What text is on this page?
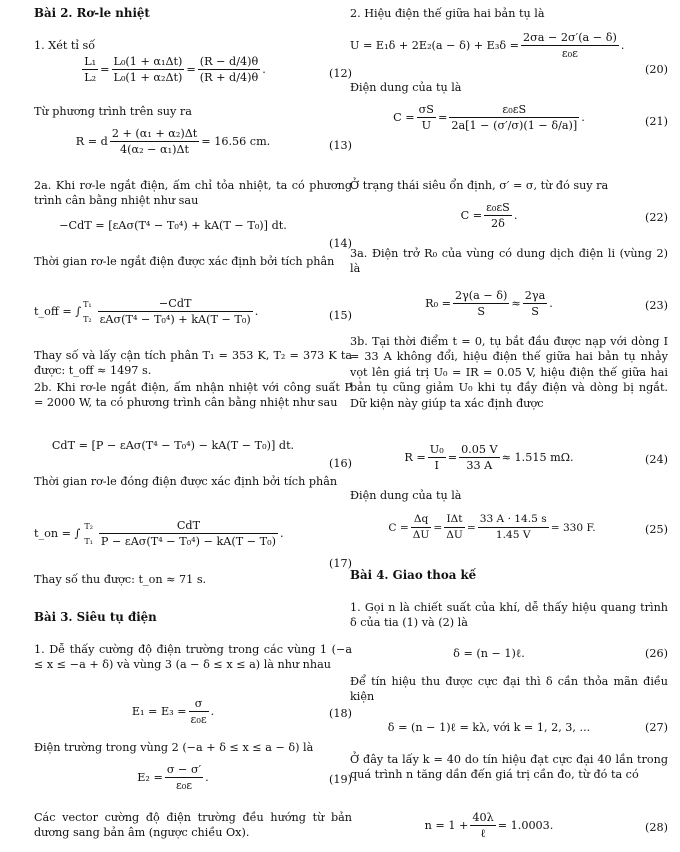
Bài 2. Rơ-le nhiệt
1. Xét tỉ số
$\frac{\text{L₁}}{\text{L₂}} = \frac{\text{L₀(1 + α₁Δt)}}{\text{L₀(1 + α₂Δt)}} = \frac{(R - d/4)\theta}{(R + d/4)\theta}$ .	(12)
Từ phương trình trên suy ra
R = d $\frac{\text{2 + (α₁ + α₂)Δt}}{\text{4(α₂ − α₁)Δt}} = 16.56$ cm.	(13)
2a. Khi rơ-le ngắt điện, ấm chỉ tỏa nhiệt, ta có phương trình cân bằng nhiệt như sau
−CdT = [εAσ(T⁴ − T₀⁴) + kA(T − T₀)] dt.
(14)
Thời gian rơ-le ngắt điện được xác định bởi tích phân
t_off = ∫
T₁
$T_2 \frac{\text{−CdT}}{\text{εAσ(T⁴ − T₀⁴) + kA(T − T₀)}}$ .	(15)
Thay số và lấy cận tích phân T₁ = 353 K, T₂ = 373 K ta được: t_off ≈ 1497 s.
2b. Khi rơ-le ngắt điện, ấm nhận nhiệt với công suất P = 2000 W, ta có phương trình cân bằng nhiệt như sau
CdT = [P − εAσ(T⁴ − T₀⁴) − kA(T − T₀)] dt.
(16)
Thời gian rơ-le đóng điện được xác định bởi tích phân
t_on = ∫
T₂
$T_1 \frac{\text{CdT}}{\text{P − εAσ(T⁴ − T₀⁴) − kA(T − T₀)}}$ .
(17)
Thay số thu được: t_on ≈ 71 s.
Bài 3. Siêu tụ điện
1. Dễ thấy cường độ điện trường trong các vùng 1 (−a ≤ x ≤ −a + δ) và vùng 3 (a − δ ≤ x ≤ a) là như nhau
$E_1 = E_3 = \frac{\sigma}{\text{ε₀ε}}$ .	(18)
Điện trường trong vùng 2 (−a + δ ≤ x ≤ a − δ) là
$E_2 = \frac{\sigma - \sigma'}{\text{ε₀ε}}$ .	(19)
Các vector cường độ điện trường đều hướng từ bản dương sang bản âm (ngược chiều Ox).
2. Hiệu điện thế giữa hai bản tụ là
$U = E_1\delta + 2E_2(a - \delta) + E_3\delta = \frac{2\sigma a - 2\sigma'(a - \delta)}{\text{ε₀ε}}$ .
(20)
Điện dung của tụ là
$C = \frac{\sigma S}{U} = \frac{\text{ε₀εS}}{2a[1 - (\sigma'/\sigma)(1 - \delta/a)]}$ .	(21)
Ở trạng thái siêu ổn định, σ′ = σ, từ đó suy ra
$C = \frac{\text{ε₀εS}}{2\delta}$ .	(22)
3a. Điện trở R₀ của vùng có dung dịch điện li (vùng 2) là
$R_0 = \frac{2\gamma(a - \delta)}{S} \approx \frac{2\gamma a}{S}$ .	(23)
3b. Tại thời điểm t = 0, tụ bắt đầu được nạp với dòng I = 33 A không đổi, hiệu điện thế giữa hai bản tụ nhảy vọt lên giá trị U₀ = IR = 0.05 V, hiệu điện thế giữa hai bản tụ cũng giảm U₀ khi tụ đầy điện và dòng bị ngắt. Dữ kiện này giúp ta xác định được
$R = \frac{\text{U₀}}{I} = \frac{0.05 V}{33 A} \approx 1.515$ mΩ.	(24)
Điện dung của tụ là
$C = \frac{\Delta q}{\Delta U} = \frac{\text{IΔt}}{\Delta U} = \frac{33 A \cdot 14.5 s}{1.45 V} = 330$ F.	(25)
Bài 4. Giao thoa kế
1. Gọi n là chiết suất của khí, dễ thấy hiệu quang trình δ của tia (1) và (2) là
δ = (n − 1)ℓ.	(26)
Để tín hiệu thu được cực đại thì δ cần thỏa mãn điều kiện
δ = (n − 1)ℓ = kλ, với k = 1, 2, 3, ...	(27)
Ở đây ta lấy k = 40 do tín hiệu đạt cực đại 40 lần trong quá trình n tăng dần đến giá trị cần đo, từ đó ta có
$n = 1 + \frac{40\lambda}{\text{ℓ}} = 1.0003$.	(28)
